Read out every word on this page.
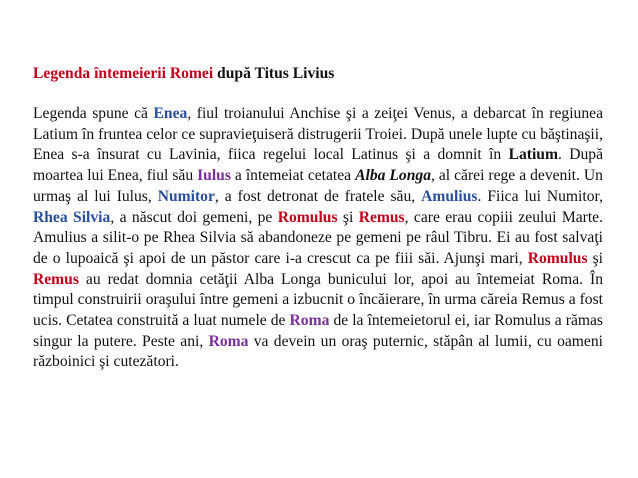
Legenda întemeierii Romei după Titus Livius

Legenda spune că Enea, fiul troianului Anchise şi a zeiţei Venus, a debarcat în regiunea Latium în fruntea celor ce supravieţuiseră distrugerii Troiei. După unele lupte cu băştinaşii, Enea s-a însurat cu Lavinia, fiica regelui local Latinus şi a domnit în Latium. După moartea lui Enea, fiul său Iulus a întemeiat cetatea Alba Longa, al cărei rege a devenit. Un urmaş al lui Iulus, Numitor, a fost detronat de fratele său, Amulius. Fiica lui Numitor, Rhea Silvia, a născut doi gemeni, pe Romulus şi Remus, care erau copiii zeului Marte. Amulius a silit-o pe Rhea Silvia să abandoneze pe gemeni pe râul Tibru. Ei au fost salvaţi de o lupoaică şi apoi de un păstor care i-a crescut ca pe fiii săi. Ajunşi mari, Romulus şi Remus au redat domnia cetăţii Alba Longa bunicului lor, apoi au întemeiat Roma. În timpul construirii oraşului între gemeni a izbucnit o încăierare, în urma căreia Remus a fost ucis. Cetatea construită a luat numele de Roma de la întemeietorul ei, iar Romulus a rămas singur la putere. Peste ani, Roma va devein un oraş puternic, stăpân al lumii, cu oameni războinici şi cutezători.
